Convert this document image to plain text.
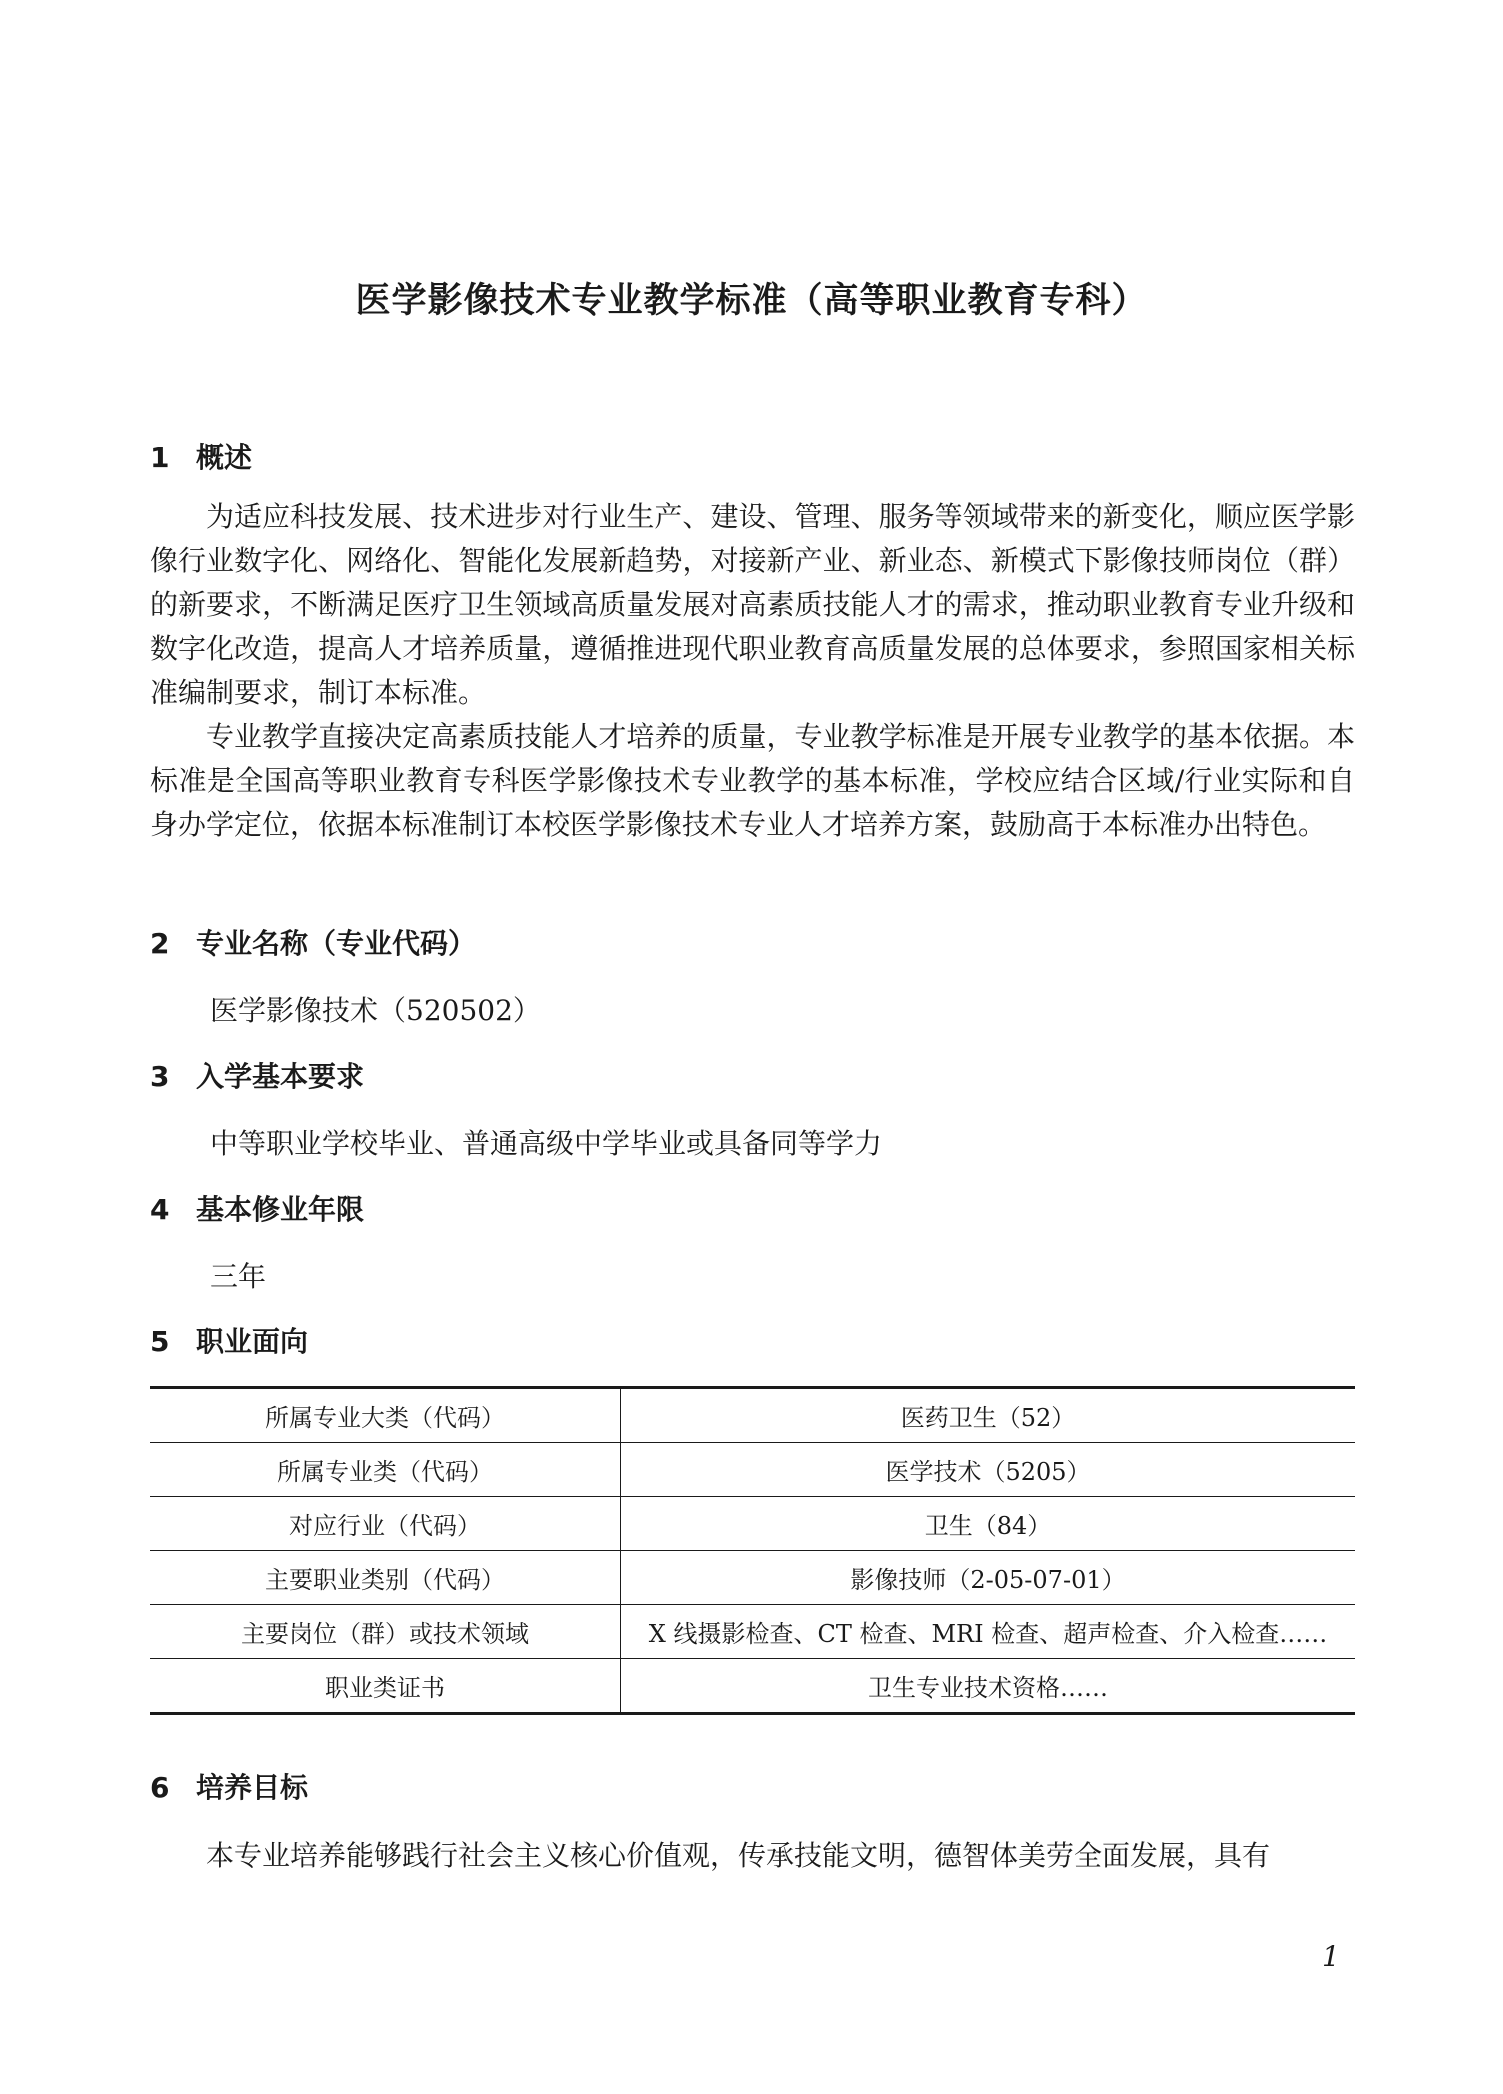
医学影像技术专业教学标准（高等职业教育专科）
1 概述

为适应科技发展、技术进步对行业生产、建设、管理、服务等领域带来的新变化，顺应医学影像行业数字化、网络化、智能化发展新趋势，对接新产业、新业态、新模式下影像技师岗位（群）的新要求，不断满足医疗卫生领域高质量发展对高素质技能人才的需求，推动职业教育专业升级和数字化改造，提高人才培养质量，遵循推进现代职业教育高质量发展的总体要求，参照国家相关标准编制要求，制订本标准。

专业教学直接决定高素质技能人才培养的质量，专业教学标准是开展专业教学的基本依据。本标准是全国高等职业教育专科医学影像技术专业教学的基本标准，学校应结合区域/行业实际和自身办学定位，依据本标准制订本校医学影像技术专业人才培养方案，鼓励高于本标准办出特色。

2 专业名称（专业代码）

医学影像技术（520502）

3 入学基本要求

中等职业学校毕业、普通高级中学毕业或具备同等学力

4 基本修业年限

三年

5 职业面向
所属专业大类（代码）	医药卫生（52）
所属专业类（代码）	医学技术（5205）
对应行业（代码）	卫生（84）
主要职业类别（代码）	影像技师（2-05-07-01）
主要岗位（群）或技术领域	X 线摄影检查、CT 检查、MRI 检查、超声检查、介入检查……
职业类证书	卫生专业技术资格……
6 培养目标

本专业培养能够践行社会主义核心价值观，传承技能文明，德智体美劳全面发展，具有

1
